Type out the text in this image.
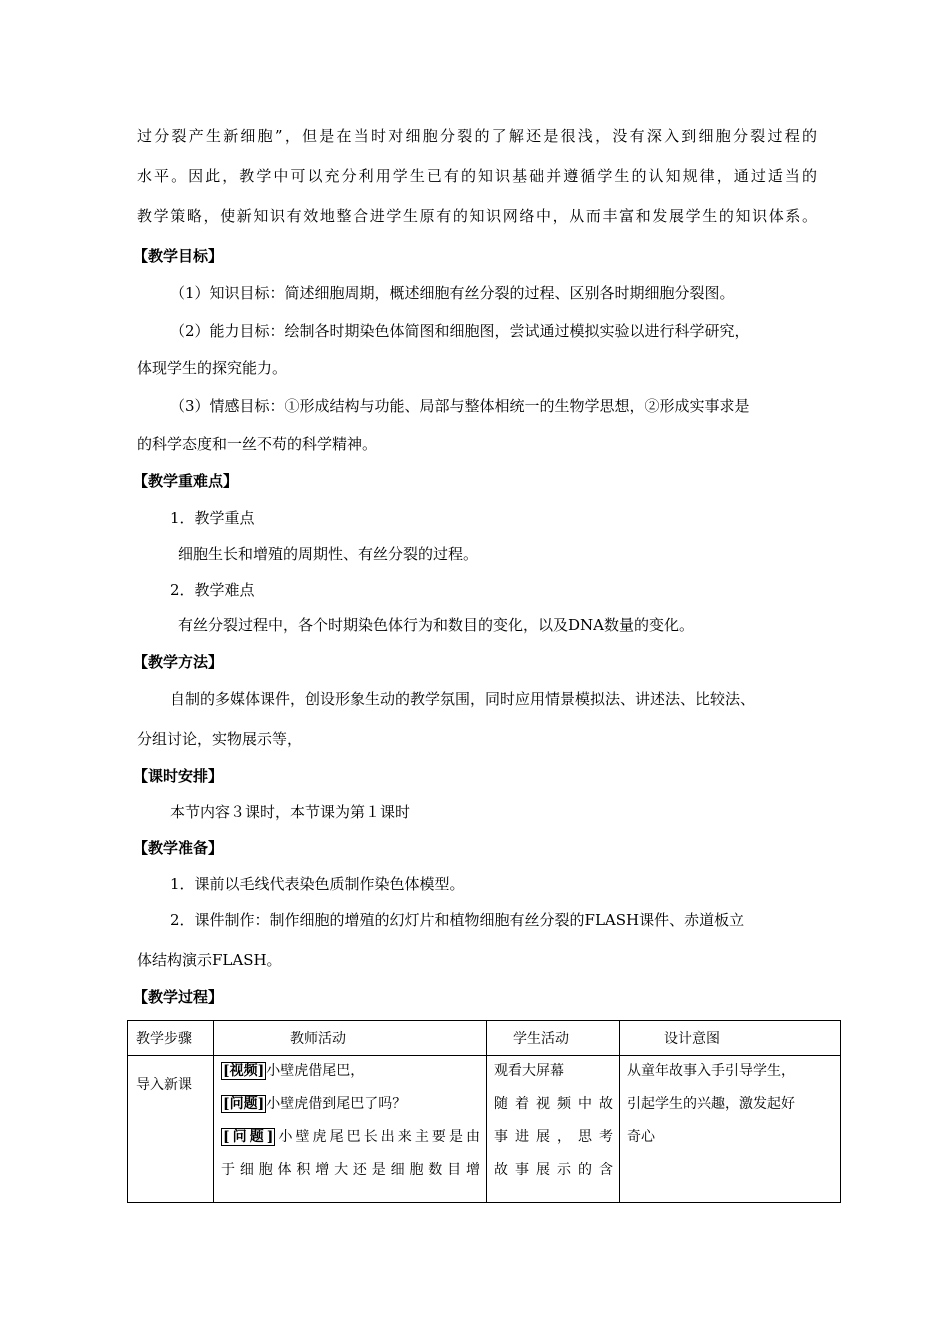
过分裂产生新细胞”，但是在当时对细胞分裂的了解还是很浅，没有深入到细胞分裂过程的
水平。因此，教学中可以充分利用学生已有的知识基础并遵循学生的认知规律，通过适当的
教学策略，使新知识有效地整合进学生原有的知识网络中，从而丰富和发展学生的知识体系。
【教学目标】
（1）知识目标：简述细胞周期，概述细胞有丝分裂的过程、区别各时期细胞分裂图。
（2）能力目标：绘制各时期染色体简图和细胞图，尝试通过模拟实验以进行科学研究，
体现学生的探究能力。
（3）情感目标：①形成结构与功能、局部与整体相统一的生物学思想，②形成实事求是
的科学态度和一丝不苟的科学精神。
【教学重难点】
1．教学重点
细胞生长和增殖的周期性、有丝分裂的过程。
2．教学难点
有丝分裂过程中，各个时期染色体行为和数目的变化，以及DNA数量的变化。
【教学方法】
自制的多媒体课件，创设形象生动的教学氛围，同时应用情景模拟法、讲述法、比较法、
分组讨论，实物展示等，
【课时安排】
本节内容３课时，本节课为第１课时
【教学准备】
1．课前以毛线代表染色质制作染色体模型。
2．课件制作：制作细胞的增殖的幻灯片和植物细胞有丝分裂的FLASH课件、赤道板立
体结构演示FLASH。
【教学过程】
教学步骤	教师活动	学生活动	设计意图

导入新课	[视频] 小壁虎借尾巴，
[问题] 小壁虎借到尾巴了吗？
[问题] 小壁虎尾巴长出来主要是由
于细胞体积增大还是细胞数目增	观看大屏幕
随着视频中故
事进展，思考
故事展示的含	从童年故事入手引导学生，
引起学生的兴趣，激发起好
奇心
